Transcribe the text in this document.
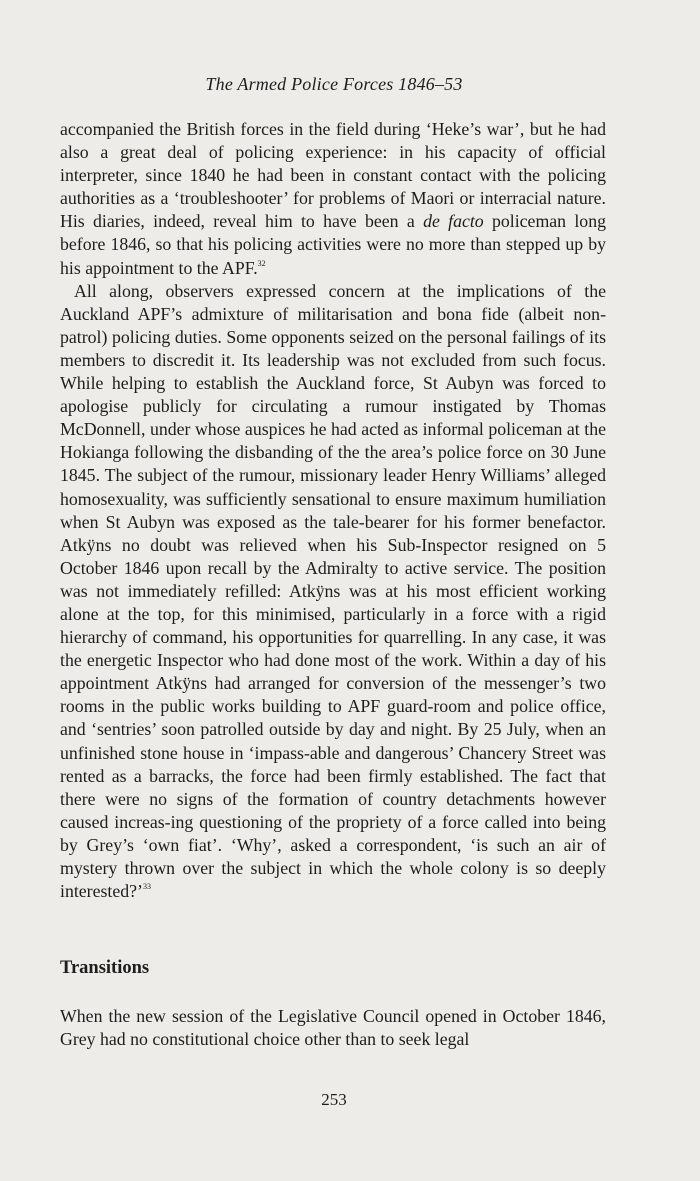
The Armed Police Forces 1846–53

accompanied the British forces in the field during ‘Heke’s war’, but he had also a great deal of policing experience: in his capacity of official interpreter, since 1840 he had been in constant contact with the policing authorities as a ‘troubleshooter’ for problems of Maori or interracial nature. His diaries, indeed, reveal him to have been a de facto policeman long before 1846, so that his policing activities were no more than stepped up by his appointment to the APF.$^{32}$

All along, observers expressed concern at the implications of the Auckland APF’s admixture of militarisation and bona fide (albeit non-patrol) policing duties. Some opponents seized on the personal failings of its members to discredit it. Its leadership was not excluded from such focus. While helping to establish the Auckland force, St Aubyn was forced to apologise publicly for circulating a rumour instigated by Thomas McDonnell, under whose auspices he had acted as informal policeman at the Hokianga following the disbanding of the the area’s police force on 30 June 1845. The subject of the rumour, missionary leader Henry Williams’ alleged homosexuality, was sufficiently sensational to ensure maximum humiliation when St Aubyn was exposed as the tale-bearer for his former benefactor. Atkÿns no doubt was relieved when his Sub-Inspector resigned on 5 October 1846 upon recall by the Admiralty to active service. The position was not immediately refilled: Atkÿns was at his most efficient working alone at the top, for this minimised, particularly in a force with a rigid hierarchy of command, his opportunities for quarrelling. In any case, it was the energetic Inspector who had done most of the work. Within a day of his appointment Atkÿns had arranged for conversion of the messenger’s two rooms in the public works building to APF guard-room and police office, and ‘sentries’ soon patrolled outside by day and night. By 25 July, when an unfinished stone house in ‘impass-able and dangerous’ Chancery Street was rented as a barracks, the force had been firmly established. The fact that there were no signs of the formation of country detachments however caused increas-ing questioning of the propriety of a force called into being by Grey’s ‘own fiat’. ‘Why’, asked a correspondent, ‘is such an air of mystery thrown over the subject in which the whole colony is so deeply interested?’$^{33}$

Transitions

When the new session of the Legislative Council opened in October 1846, Grey had no constitutional choice other than to seek legal

253
